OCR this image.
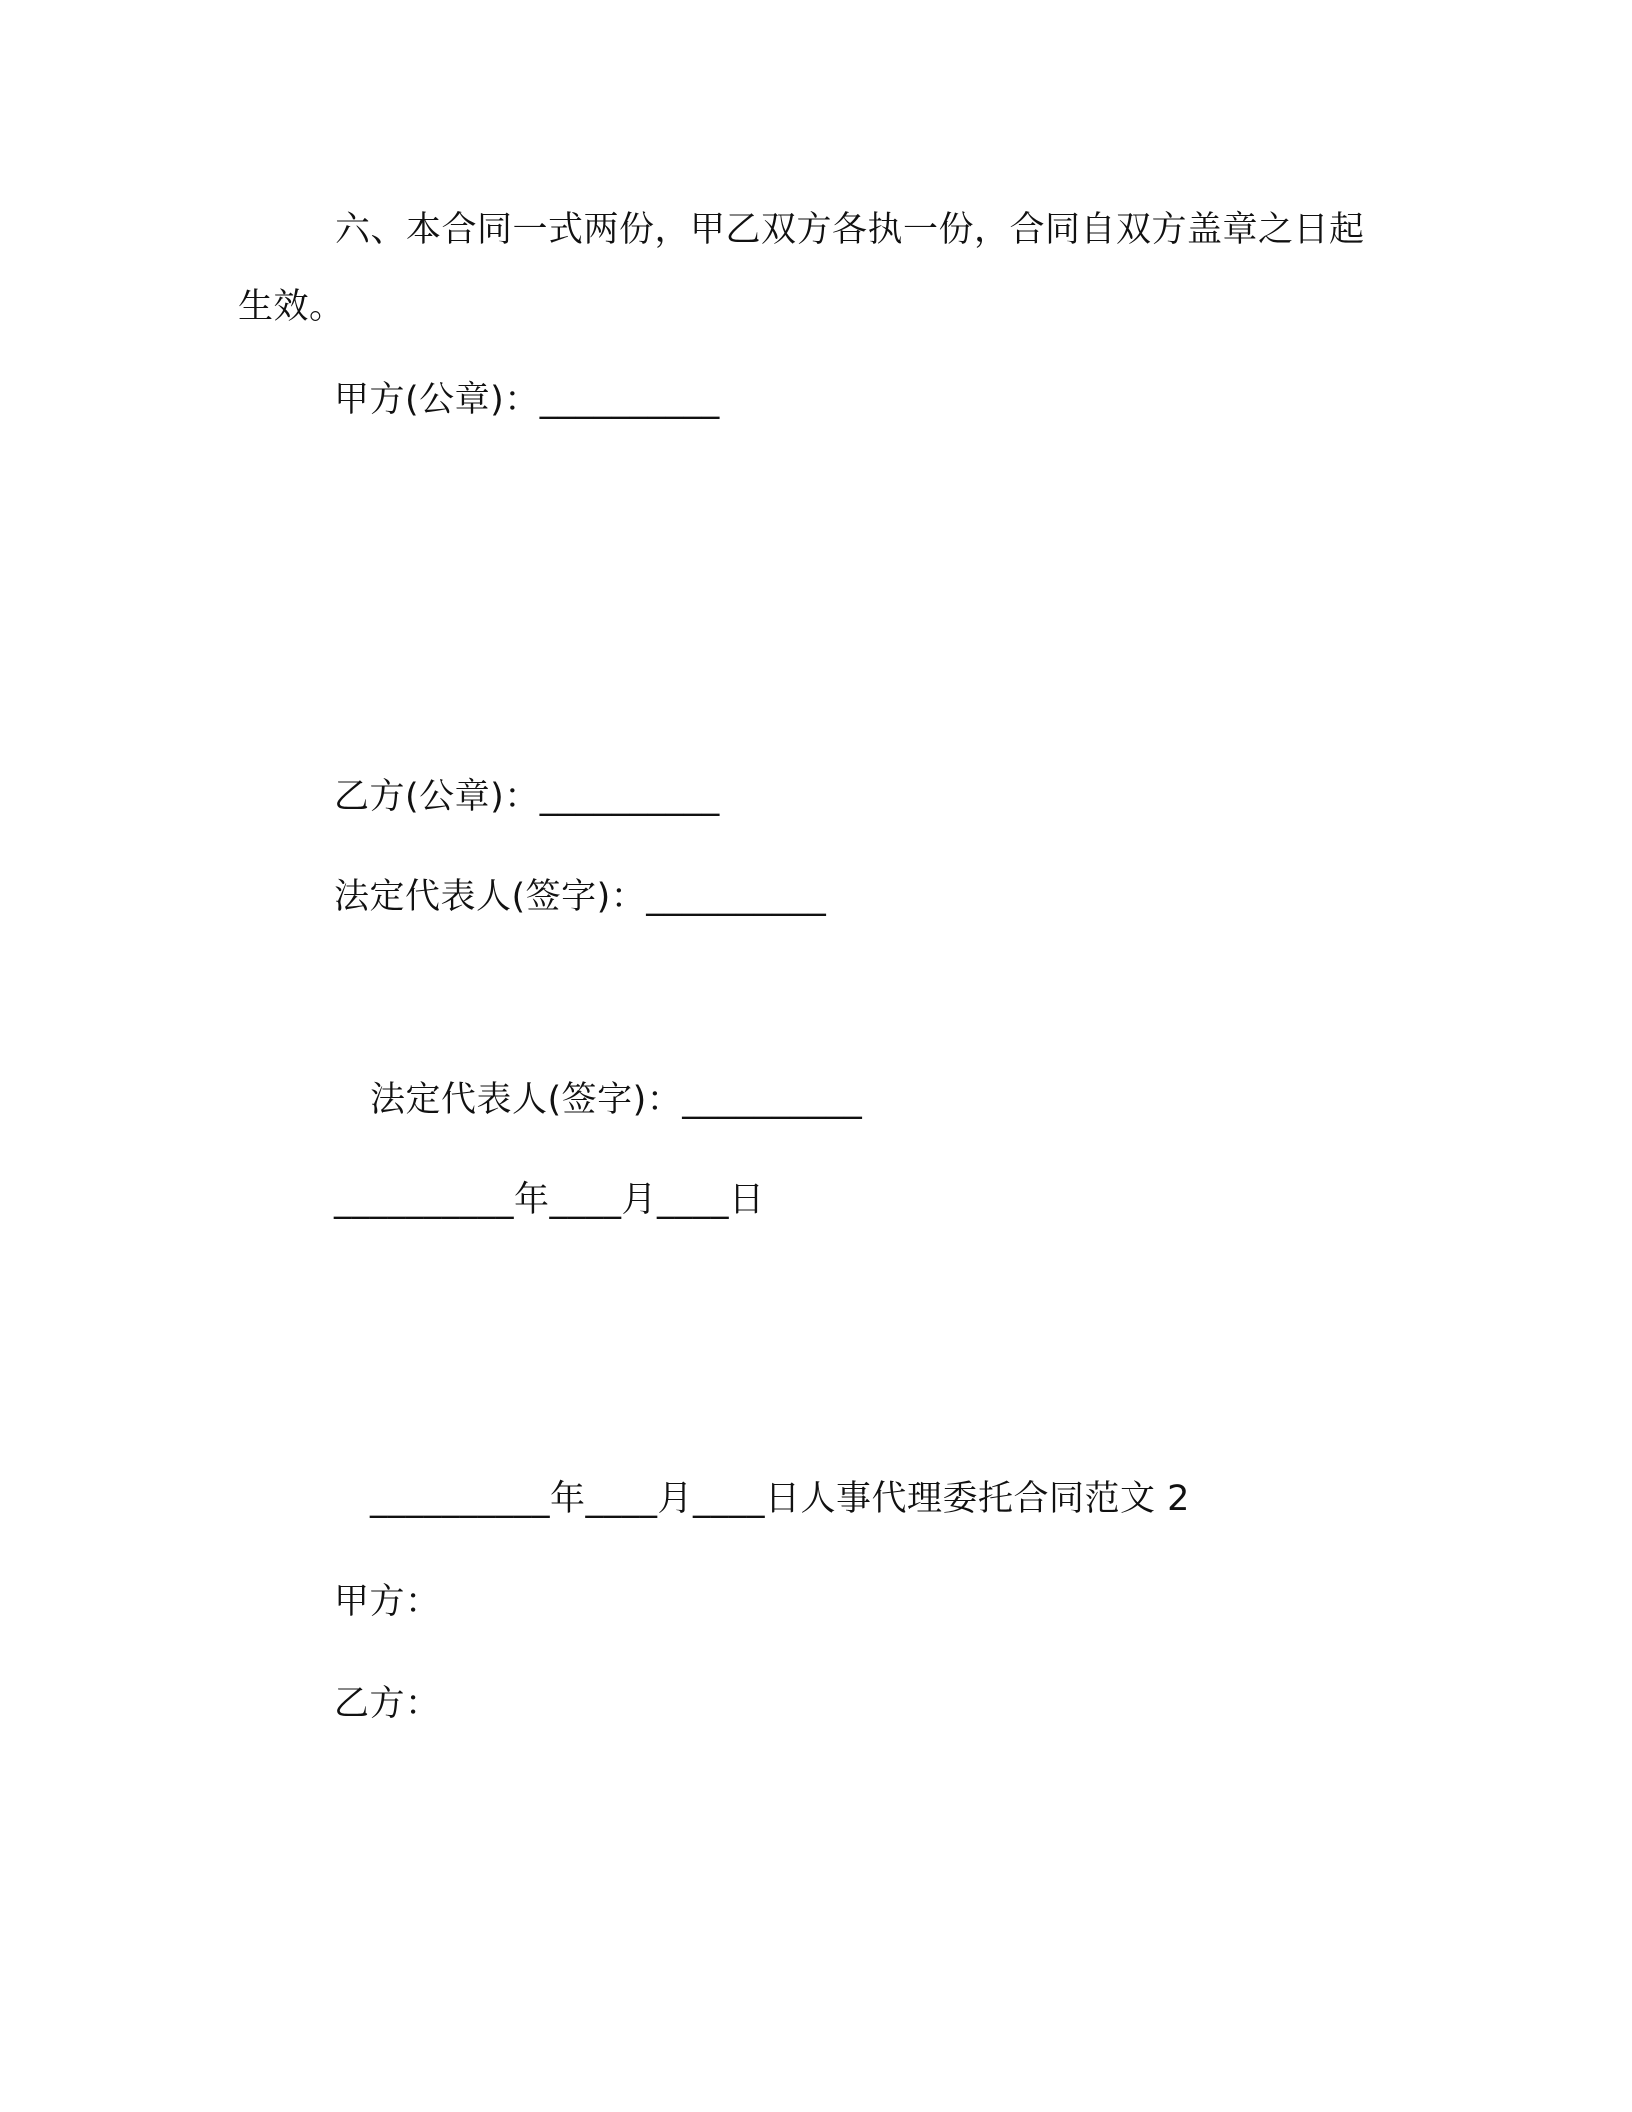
六、本合同一式两份，甲乙双方各执一份，合同自双方盖章之日起生效。
甲方(公章)：__________
乙方(公章)：__________
法定代表人(签字)：__________
法定代表人(签字)：__________
__________年____月____日
__________年____月____日人事代理委托合同范文 2
甲方：
乙方：
